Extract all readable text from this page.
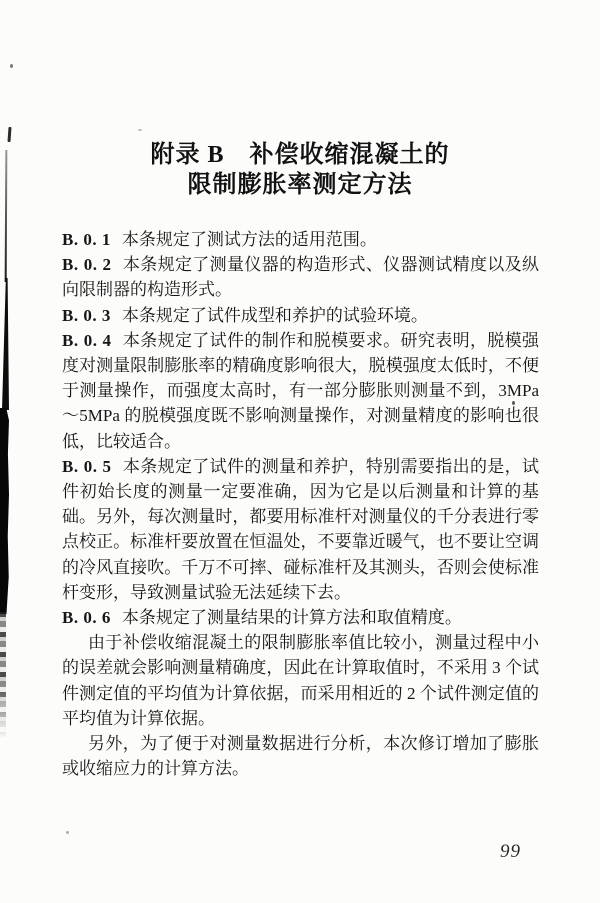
附录 B　补偿收缩混凝土的
限制膨胀率测定方法

B. 0. 1 本条规定了测试方法的适用范围。

B. 0. 2 本条规定了测量仪器的构造形式、仪器测试精度以及纵向限制器的构造形式。

B. 0. 3 本条规定了试件成型和养护的试验环境。

B. 0. 4 本条规定了试件的制作和脱模要求。研究表明，脱模强度对测量限制膨胀率的精确度影响很大，脱模强度太低时，不便于测量操作，而强度太高时，有一部分膨胀则测量不到，3MPa～5MPa 的脱模强度既不影响测量操作，对测量精度的影响也很低，比较适合。

B. 0. 5 本条规定了试件的测量和养护，特别需要指出的是，试件初始长度的测量一定要准确，因为它是以后测量和计算的基础。另外，每次测量时，都要用标准杆对测量仪的千分表进行零点校正。标准杆要放置在恒温处，不要靠近暖气，也不要让空调的冷风直接吹。千万不可摔、碰标准杆及其测头，否则会使标准杆变形，导致测量试验无法延续下去。

B. 0. 6 本条规定了测量结果的计算方法和取值精度。

由于补偿收缩混凝土的限制膨胀率值比较小，测量过程中小的误差就会影响测量精确度，因此在计算取值时，不采用 3 个试件测定值的平均值为计算依据，而采用相近的 2 个试件测定值的平均值为计算依据。

另外，为了便于对测量数据进行分析，本次修订增加了膨胀或收缩应力的计算方法。

99
